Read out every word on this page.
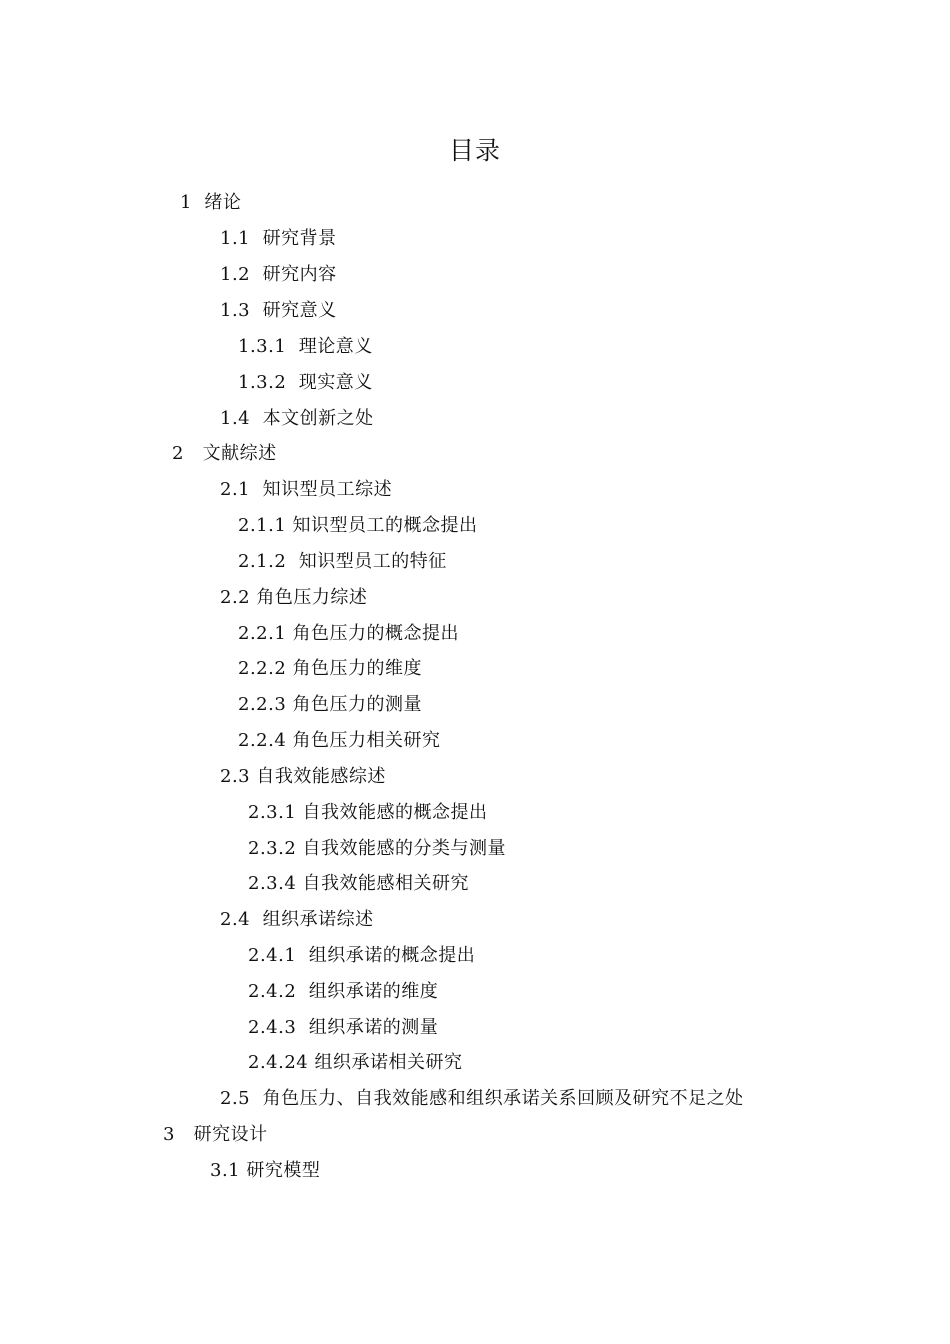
目录
1  绪论
1.1  研究背景
1.2  研究内容
1.3  研究意义
1.3.1  理论意义
1.3.2  现实意义
1.4  本文创新之处
2   文献综述
2.1  知识型员工综述
2.1.1 知识型员工的概念提出
2.1.2  知识型员工的特征
2.2 角色压力综述
2.2.1 角色压力的概念提出
2.2.2 角色压力的维度
2.2.3 角色压力的测量
2.2.4 角色压力相关研究
2.3 自我效能感综述
2.3.1 自我效能感的概念提出
2.3.2 自我效能感的分类与测量
2.3.4 自我效能感相关研究
2.4  组织承诺综述
2.4.1  组织承诺的概念提出
2.4.2  组织承诺的维度
2.4.3  组织承诺的测量
2.4.24 组织承诺相关研究
2.5  角色压力、自我效能感和组织承诺关系回顾及研究不足之处
3   研究设计
3.1 研究模型
